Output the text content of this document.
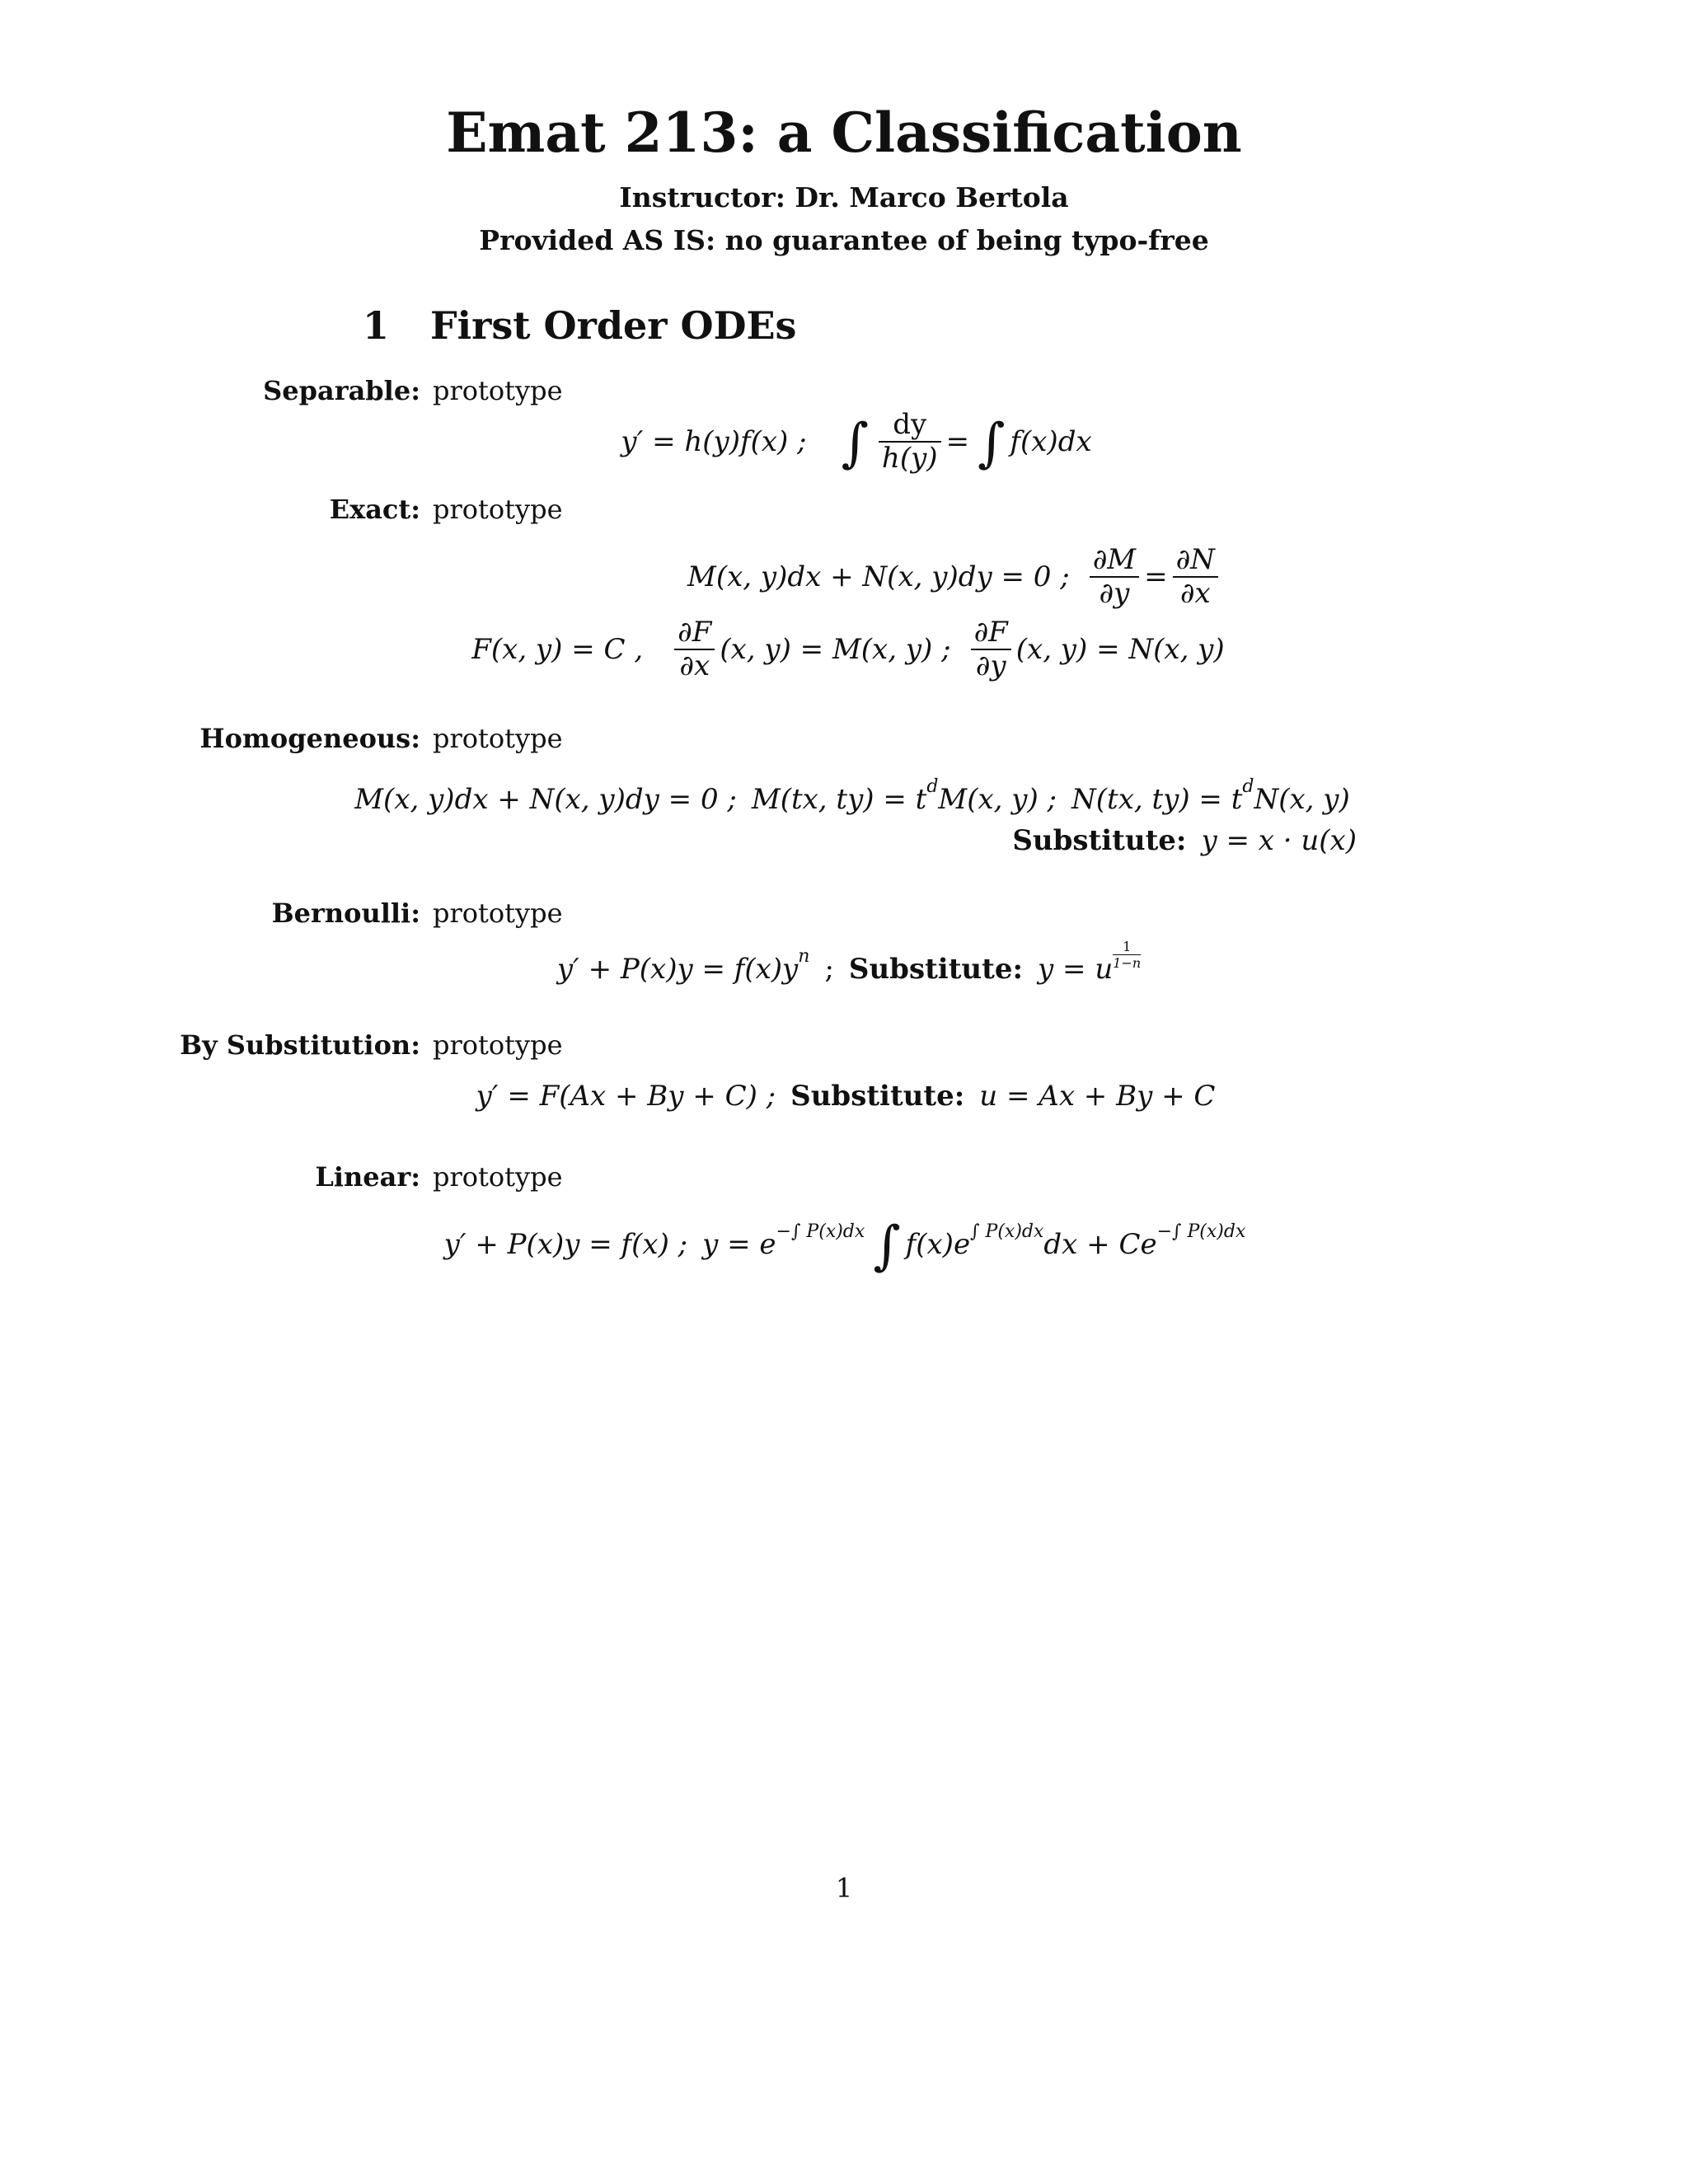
Emat 213: a Classification
Instructor: Dr. Marco Bertola
Provided AS IS: no guarantee of being typo-free
1 First Order ODEs
Separable: prototype
y′ = h(y)f(x) ; ∫ $\frac{dy}{h(y)}$ = ∫ f(x)dx
Exact: prototype
M(x, y)dx + N(x, y)dy = 0 ; $\frac{\partial M}{\partial y} = \frac{\partial N}{\partial x}$
F(x, y) = C , $\frac{\partial F}{\partial x} (x$, y) = M(x, y) ; $\frac{\partial F}{\partial y} (x$, y) = N(x, y)
Homogeneous: prototype
M(x, y)dx + N(x, y)dy = 0 ; M(tx, ty) = t d M(x, y) ; N(tx, ty) = t d N(x, y)
Substitute: y = x · u(x)
Bernoulli: prototype
y′ + P(x)y = f(x)y n ; Substitute: y = u $\frac{1}{1-n}$
By Substitution: prototype
y′ = F(Ax + By + C) ; Substitute: u = Ax + By + C
Linear: prototype
y′ + P(x)y = f(x) ; y = e −∫ P(x)dx ∫ f(x)e ∫ P(x)dx dx + Ce −∫ P(x)dx
1
